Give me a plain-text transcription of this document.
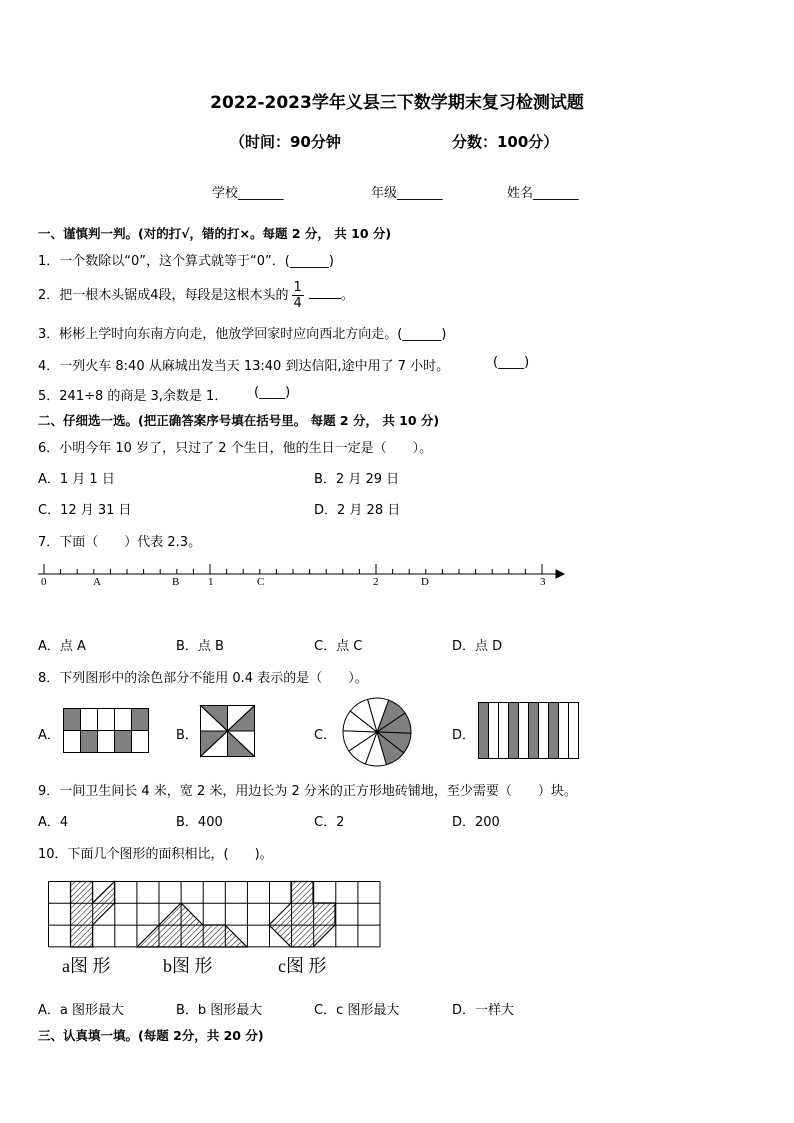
2022-2023学年义县三下数学期末复习检测试题
（时间：90分钟	分数：100分）
学校_______	年级_______	姓名_______
一、谨慎判一判。(对的打√，错的打×。每题 2 分， 共 10 分)
1．一个数除以“0”，这个算式就等于“0”．(______)
2．把一根木头锯成4段，每段是这根木头的 $\frac{1}{4}$	。
3．彬彬上学时向东南方向走，他放学回家时应向西北方向走。(______)
4．一列火车 8:40 从麻城出发当天 13:40 到达信阳,途中用了 7 小时。	(____)
5．241÷8 的商是 3,余数是 1． (____)
二、仔细选一选。(把正确答案序号填在括号里。 每题 2 分， 共 10 分)
6．小明今年 10 岁了，只过了 2 个生日，他的生日一定是（　　）。
A．1 月 1 日	B．2 月 29 日
C．12 月 31 日	D．2 月 28 日
7．下面（　　）代表 2.3。
0	A	B	1	C	2	D	3
A．点 A	B．点 B	C．点 C	D．点 D
8．下列图形中的涂色部分不能用 0.4 表示的是（　　）。
A．	B．	C．	D．
9．一间卫生间长 4 米，宽 2 米，用边长为 2 分米的正方形地砖铺地，至少需要（　　）块。
A．4	B．400	C．2	D．200
10．下面几个图形的面积相比，(　　)。
a图 形	b图 形	c图 形
A．a 图形最大	B．b 图形最大	C．c 图形最大	D．一样大
三、认真填一填。(每题 2分，共 20 分)
